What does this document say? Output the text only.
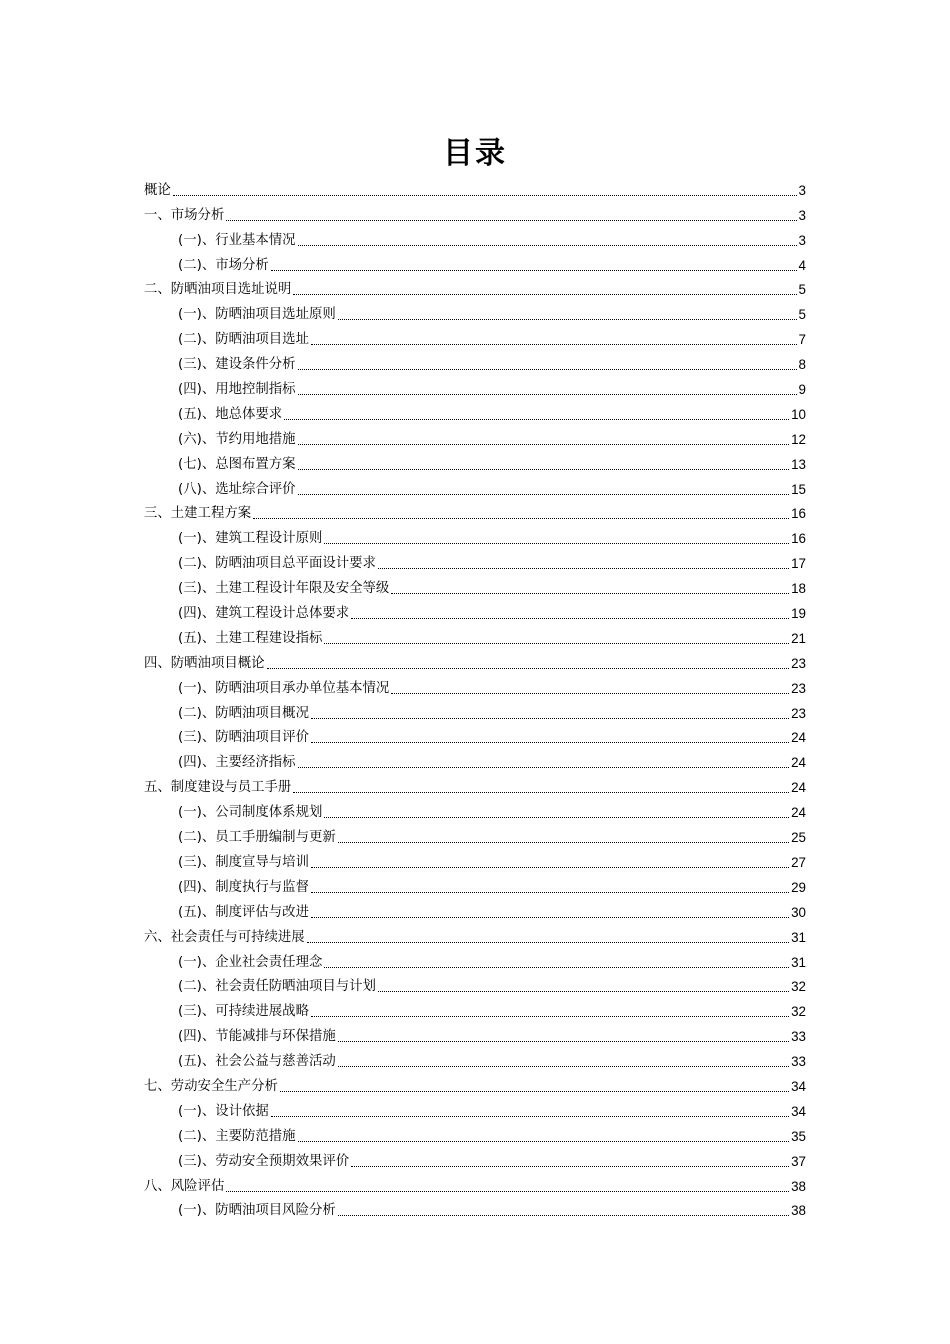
目录
概论	3
一、市场分析	3
(一)、行业基本情况	3
(二)、市场分析	4
二、防晒油项目选址说明	5
(一)、防晒油项目选址原则	5
(二)、防晒油项目选址	7
(三)、建设条件分析	8
(四)、用地控制指标	9
(五)、地总体要求	10
(六)、节约用地措施	12
(七)、总图布置方案	13
(八)、选址综合评价	15
三、土建工程方案	16
(一)、建筑工程设计原则	16
(二)、防晒油项目总平面设计要求	17
(三)、土建工程设计年限及安全等级	18
(四)、建筑工程设计总体要求	19
(五)、土建工程建设指标	21
四、防晒油项目概论	23
(一)、防晒油项目承办单位基本情况	23
(二)、防晒油项目概况	23
(三)、防晒油项目评价	24
(四)、主要经济指标	24
五、制度建设与员工手册	24
(一)、公司制度体系规划	24
(二)、员工手册编制与更新	25
(三)、制度宣导与培训	27
(四)、制度执行与监督	29
(五)、制度评估与改进	30
六、社会责任与可持续进展	31
(一)、企业社会责任理念	31
(二)、社会责任防晒油项目与计划	32
(三)、可持续进展战略	32
(四)、节能减排与环保措施	33
(五)、社会公益与慈善活动	33
七、劳动安全生产分析	34
(一)、设计依据	34
(二)、主要防范措施	35
(三)、劳动安全预期效果评价	37
八、风险评估	38
(一)、防晒油项目风险分析	38
